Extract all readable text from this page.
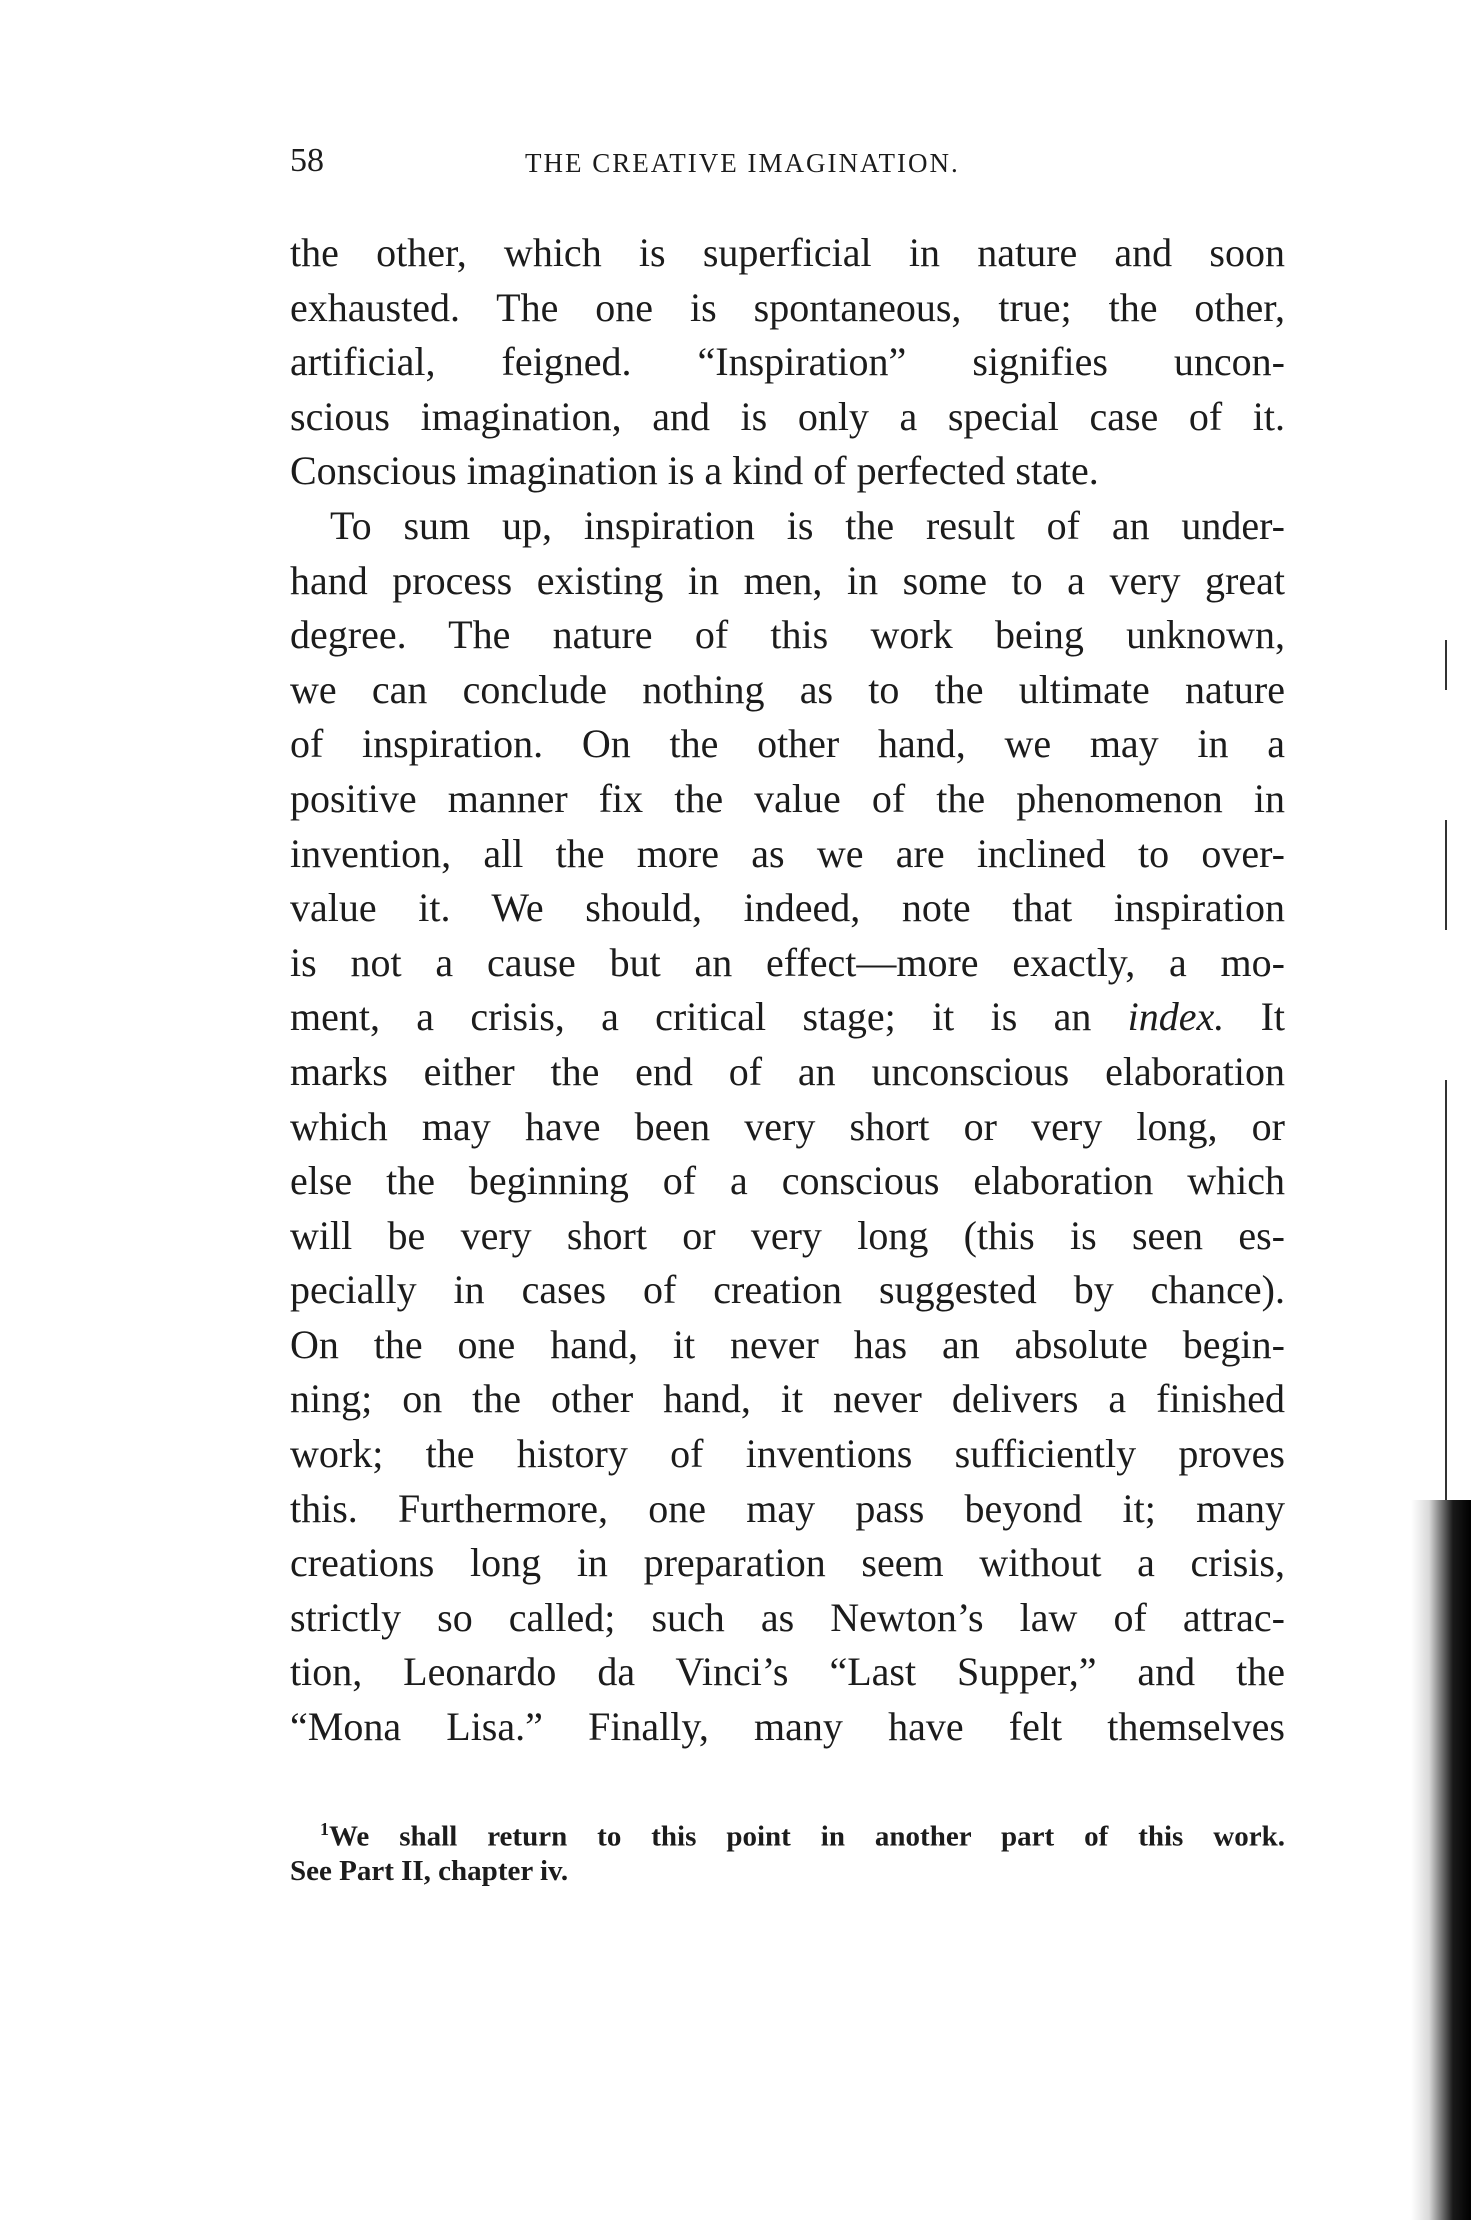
58	THE CREATIVE IMAGINATION.
the other, which is superficial in nature and soon
exhausted. The one is spontaneous, true; the other,
artificial, feigned. “Inspiration” signifies uncon-
scious imagination, and is only a special case of it.
Conscious imagination is a kind of perfected state.
To sum up, inspiration is the result of an under-
hand process existing in men, in some to a very great
degree. The nature of this work being unknown,
we can conclude nothing as to the ultimate nature
of inspiration. On the other hand, we may in a
positive manner fix the value of the phenomenon in
invention, all the more as we are inclined to over-
value it. We should, indeed, note that inspiration
is not a cause but an effect—more exactly, a mo-
ment, a crisis, a critical stage; it is an index. It
marks either the end of an unconscious elaboration
which may have been very short or very long, or
else the beginning of a conscious elaboration which
will be very short or very long (this is seen es-
pecially in cases of creation suggested by chance).
On the one hand, it never has an absolute begin-
ning; on the other hand, it never delivers a finished
work; the history of inventions sufficiently proves
this. Furthermore, one may pass beyond it; many
creations long in preparation seem without a crisis,
strictly so called; such as Newton’s law of attrac-
tion, Leonardo da Vinci’s “Last Supper,” and the
“Mona Lisa.” Finally, many have felt themselves
$^1$We shall return to this point in another part of this work.
See Part II, chapter iv.
